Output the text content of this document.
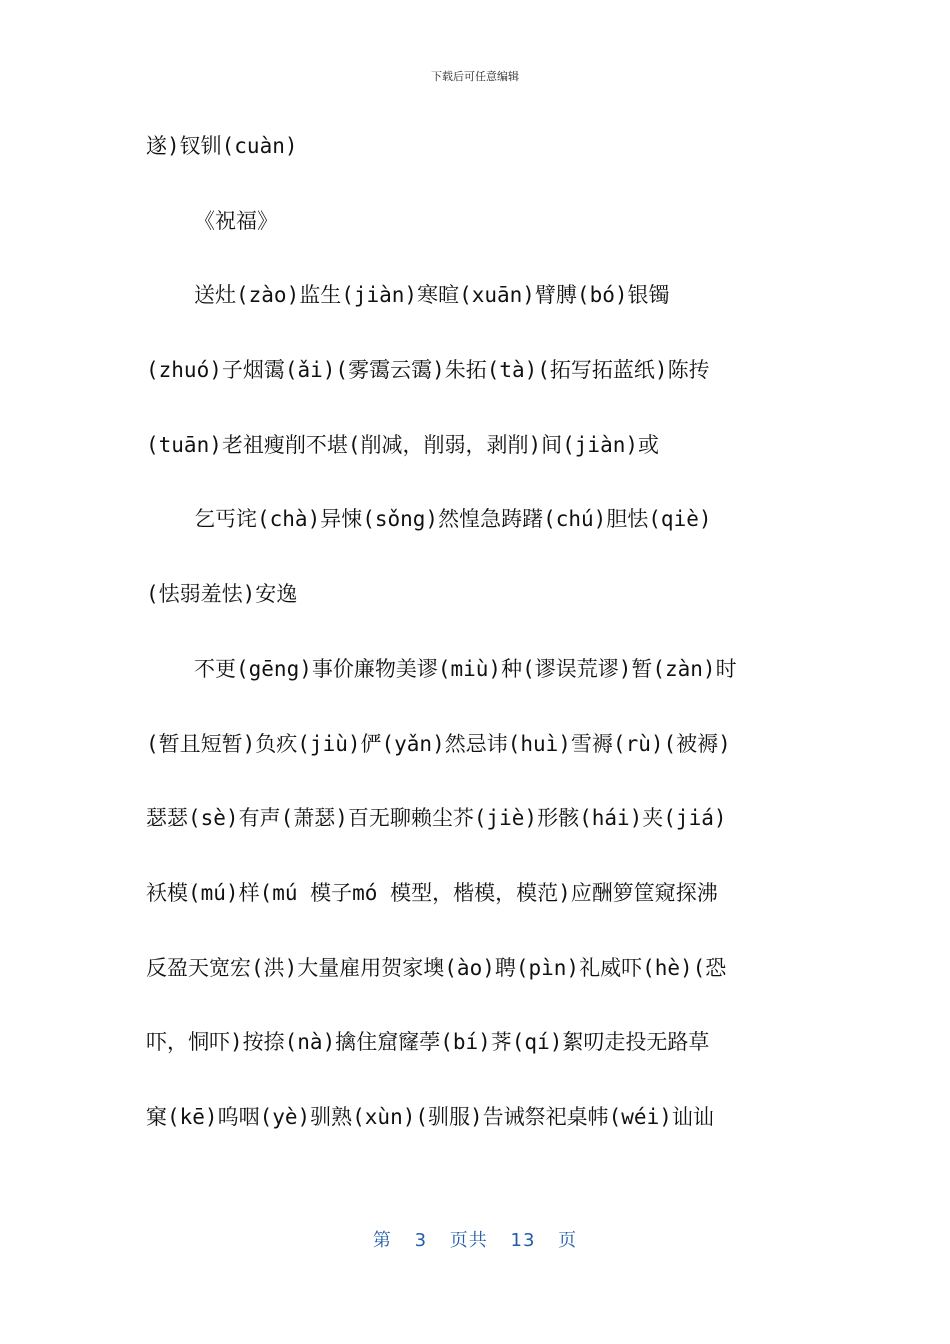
下载后可任意编辑
遂)钗钏(cuàn)
《祝福》
送灶(zào)监生(jiàn)寒暄(xuān)臂膊(bó)银镯
(zhuó)子烟霭(ǎi)(雾霭云霭)朱拓(tà)(拓写拓蓝纸)陈抟
(tuān)老祖瘦削不堪(削减，削弱，剥削)间(jiàn)或
乞丐诧(chà)异悚(sǒng)然惶急踌躇(chú)胆怯(qiè)
(怯弱羞怯)安逸
不更(gēng)事价廉物美谬(miù)种(谬误荒谬)暂(zàn)时
(暂且短暂)负疚(jiù)俨(yǎn)然忌讳(huì)雪褥(rù)(被褥)
瑟瑟(sè)有声(萧瑟)百无聊赖尘芥(jiè)形骸(hái)夹(jiá)
袄模(mú)样(mú 模子mó 模型，楷模，模范)应酬箩筐窥探沸
反盈天宽宏(洪)大量雇用贺家墺(ào)聘(pìn)礼威吓(hè)(恐
吓，恫吓)按捺(nà)擒住窟窿荸(bí)荠(qí)絮叨走投无路草
窠(kē)呜咽(yè)驯熟(xùn)(驯服)告诫祭祀桌帏(wéi)讪讪
第 3 页共 13 页
